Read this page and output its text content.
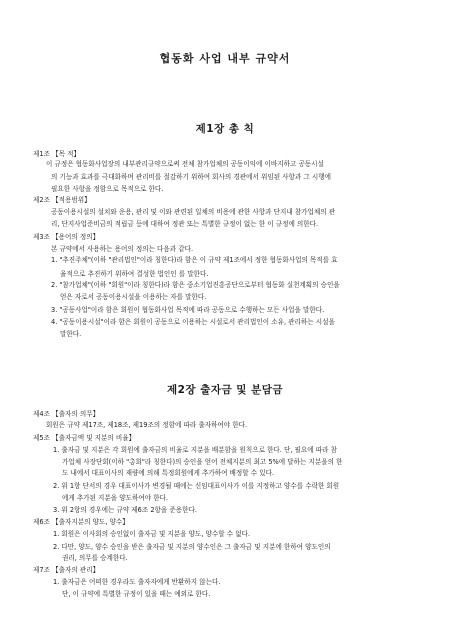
협동화 사업 내부 규약서
제1장 총 칙
제1조 【목 적】
이 규정은 협동화사업장의 내부관리규약으로써 전체 참가업체의 공동이익에 이바지하고 공동시설
의 기능과 효과를 극대화하며 관리비를 절감하기 위하여 회사의 경관에서 위임된 사항과 그 시행에
필요한 사항을 정함으로 목적으로 한다.
제2조 【적용범위】
공동이용시설의 설치와 운용, 관리 및 이와 관련된 일체의 비용에 관한 사항과 단지내 참가업체의 관
리, 단지사업준비금의 적립금 등에 대하여 정관 또는 특별한 규정이 없는 한 이 규정에 의한다.
제3조 【용어의 정의】
본 규약에서 사용하는 용어의 정의는 다음과 같다.
1. "추진주체"(이하 "관리법인"이라 칭한다)라 함은 이 규약 제1조에서 정한 협동화사업의 목적를 효
율적으로 추진하기 위하여 결성한 법인인 를 말한다.
2. "참가업체"(이하 "회원"이라 칭한다)라 함은 중소기업진흥공단으로부터 협동화 실천계획의 승인을
얻은 자로서 공동이용시설을 이용하는 자를 말한다.
3. "공동사업"이라 함은 회원이 협동화사업 목적에 따라 공동으로 수행하는 모든 사업을 말한다.
4. "공동이용시설"이라 함은 회원이 공동으로 이용하는 시설로서 관리법인이 소유, 관리하는 시설을
말한다.
제2장 출자금 및 분담금
제4조 【출자의 의무】
회원은 규약 제17조, 제18조, 제19조의 정함에 따라 출자하여야 한다.
제5조 【출자금액 및 지분의 비율】
1. 출자금 및 지분은 각 회원에 출자금의 비율로 지분을 배분함을 원칙으로 한다. 단, 필요에 따라 참
가업체 사장단회(이하 "총회"라 칭한다)의 승인을 얻어 전체지분의 최고 5%에 달하는 지분을의 한
도 내에서 대표이사의 재량에 의해 특정회원에게 추가하여 배정할 수 있다.
2. 위 1항 단서의 경우 대표이사가 변경될 때에는 신임대표이사가 이를 지정하고 양수를 수락한 회원
에게 추가된 지분을 양도하여야 한다.
3. 위 2항의 경우에는 규약 제6조 2항을 준용한다.
제6조 【출자지분의 양도, 양수】
1. 회원은 이사회의 승인없이 출자금 및 지분을 양도, 양수할 수 없다.
2. 다만, 양도, 양수 승인을 받은 출자금 및 지분의 양수인은 그 출자금 및 지분에 한하여 양도인의
권리, 의무를 승계한다.
제7조 【출자의 관리】
1. 출자금은 어떠한 경우라도 출자자에게 반환하지 않는다.
단, 이 규약에 특별한 규정이 있을 때는 예외로 한다.
